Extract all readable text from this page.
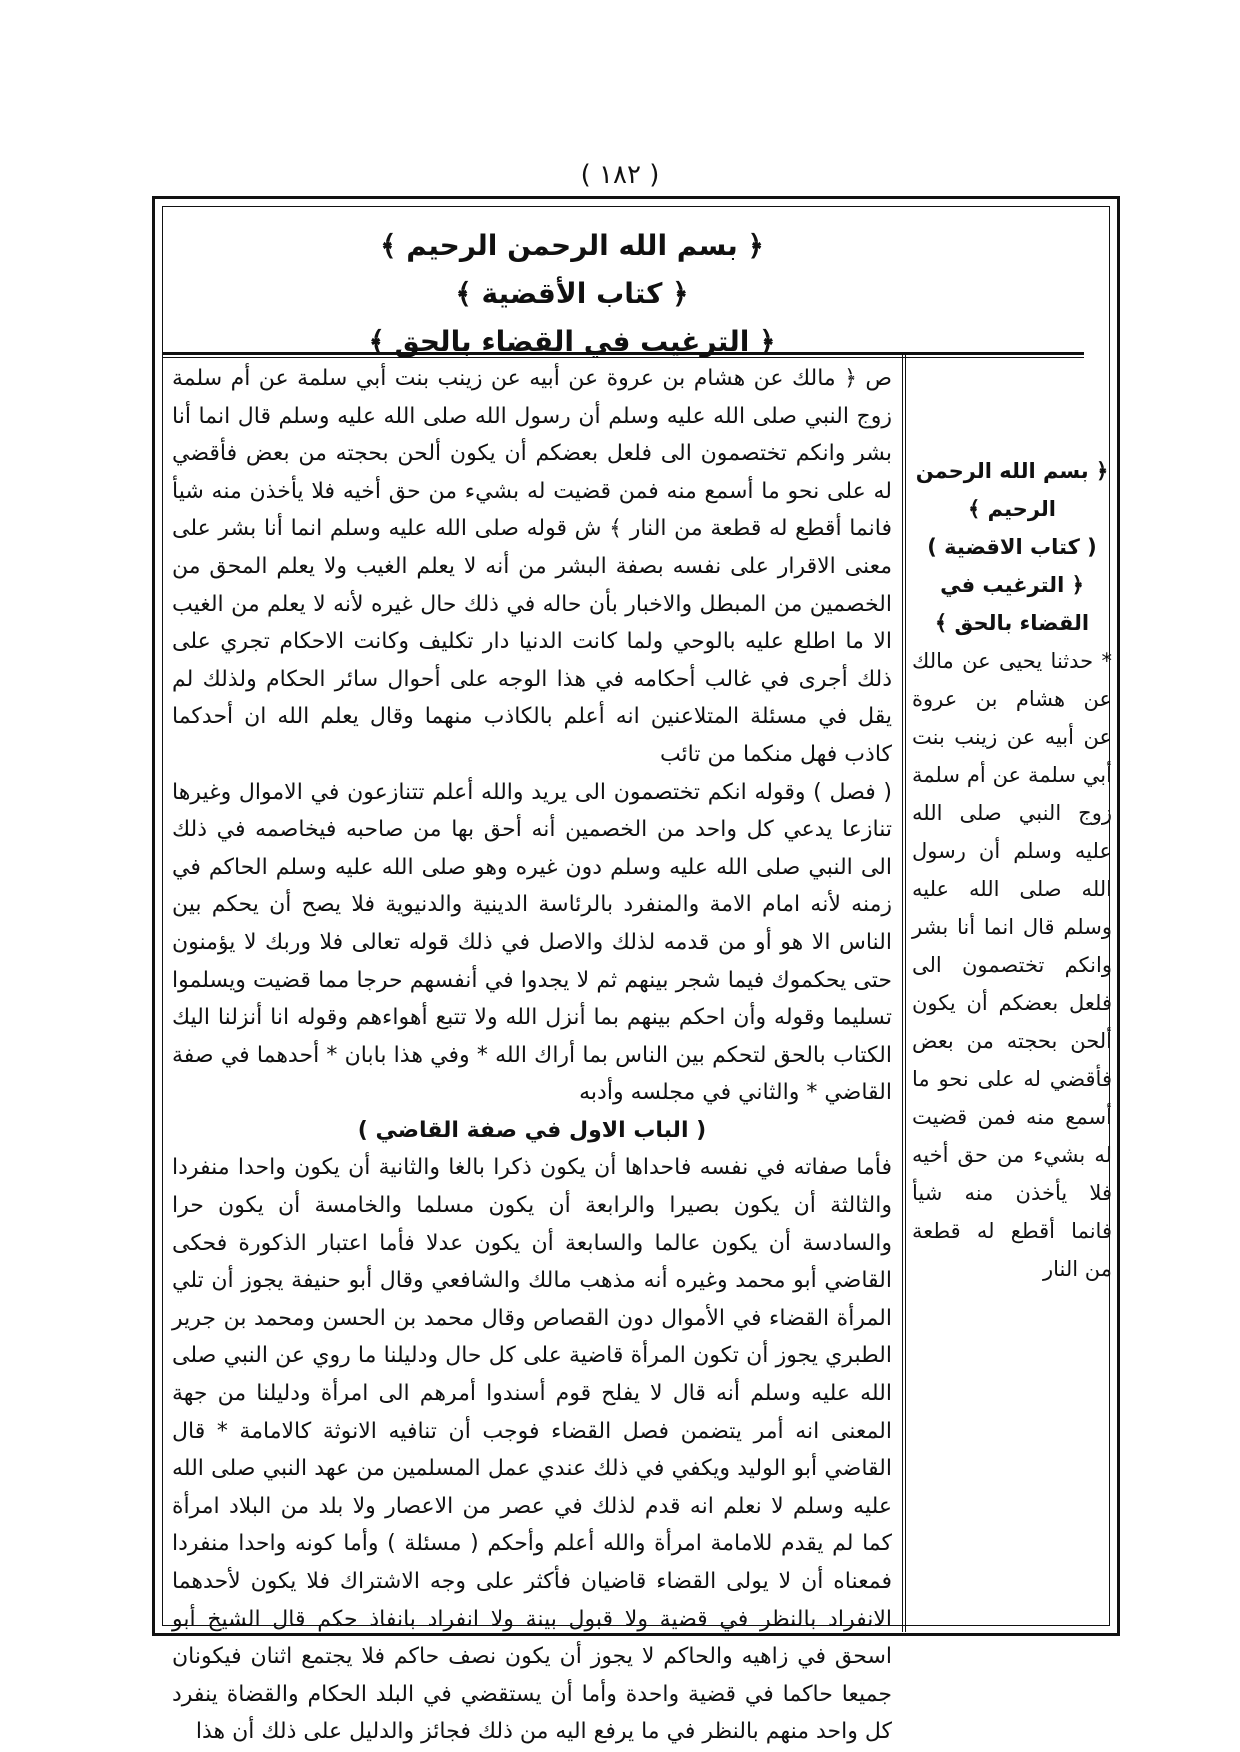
( ١٨٢ )
﴿ بسم الله الرحمن الرحيم ﴾
﴿ كتاب الأقضية ﴾
﴿ الترغيب في القضاء بالحق ﴾

ص ﴿ مالك عن هشام بن عروة عن أبيه عن زينب بنت أبي سلمة عن أم سلمة زوج النبي صلى الله عليه وسلم أن رسول الله صلى الله عليه وسلم قال انما أنا بشر وانكم تختصمون الى فلعل بعضكم أن يكون ألحن بحجته من بعض فأقضي له على نحو ما أسمع منه فمن قضيت له بشيء من حق أخيه فلا يأخذن منه شيأ فانما أقطع له قطعة من النار ﴾ ش قوله صلى الله عليه وسلم انما أنا بشر على معنى الاقرار على نفسه بصفة البشر من أنه لا يعلم الغيب ولا يعلم المحق من الخصمين من المبطل والاخبار بأن حاله في ذلك حال غيره لأنه لا يعلم من الغيب الا ما اطلع عليه بالوحي ولما كانت الدنيا دار تكليف وكانت الاحكام تجري على ذلك أجرى في غالب أحكامه في هذا الوجه على أحوال سائر الحكام ولذلك لم يقل في مسئلة المتلاعنين انه أعلم بالكاذب منهما وقال يعلم الله ان أحدكما كاذب فهل منكما من تائب

( فصل ) وقوله انكم تختصمون الى يريد والله أعلم تتنازعون في الاموال وغيرها تنازعا يدعي كل واحد من الخصمين أنه أحق بها من صاحبه فيخاصمه في ذلك الى النبي صلى الله عليه وسلم دون غيره وهو صلى الله عليه وسلم الحاكم في زمنه لأنه امام الامة والمنفرد بالرئاسة الدينية والدنيوية فلا يصح أن يحكم بين الناس الا هو أو من قدمه لذلك والاصل في ذلك قوله تعالى فلا وربك لا يؤمنون حتى يحكموك فيما شجر بينهم ثم لا يجدوا في أنفسهم حرجا مما قضيت ويسلموا تسليما وقوله وأن احكم بينهم بما أنزل الله ولا تتبع أهواءهم وقوله انا أنزلنا اليك الكتاب بالحق لتحكم بين الناس بما أراك الله * وفي هذا بابان * أحدهما في صفة القاضي * والثاني في مجلسه وأدبه

( الباب الاول في صفة القاضي )

فأما صفاته في نفسه فاحداها أن يكون ذكرا بالغا والثانية أن يكون واحدا منفردا والثالثة أن يكون بصيرا والرابعة أن يكون مسلما والخامسة أن يكون حرا والسادسة أن يكون عالما والسابعة أن يكون عدلا فأما اعتبار الذكورة فحكى القاضي أبو محمد وغيره أنه مذهب مالك والشافعي وقال أبو حنيفة يجوز أن تلي المرأة القضاء في الأموال دون القصاص وقال محمد بن الحسن ومحمد بن جرير الطبري يجوز أن تكون المرأة قاضية على كل حال ودليلنا ما روي عن النبي صلى الله عليه وسلم أنه قال لا يفلح قوم أسندوا أمرهم الى امرأة ودليلنا من جهة المعنى انه أمر يتضمن فصل القضاء فوجب أن تنافيه الانوثة كالامامة * قال القاضي أبو الوليد ويكفي في ذلك عندي عمل المسلمين من عهد النبي صلى الله عليه وسلم لا نعلم انه قدم لذلك في عصر من الاعصار ولا بلد من البلاد امرأة كما لم يقدم للامامة امرأة والله أعلم وأحكم ( مسئلة ) وأما كونه واحدا منفردا فمعناه أن لا يولى القضاء قاضيان فأكثر على وجه الاشتراك فلا يكون لأحدهما الانفراد بالنظر في قضية ولا قبول بينة ولا انفراد بانفاذ حكم قال الشيخ أبو اسحق في زاهيه والحاكم لا يجوز أن يكون نصف حاكم فلا يجتمع اثنان فيكونان جميعا حاكما في قضية واحدة وأما أن يستقضي في البلد الحكام والقضاة ينفرد كل واحد منهم بالنظر في ما يرفع اليه من ذلك فجائز والدليل على ذلك أن هذا

﴿ بسم الله الرحمن الرحيم ﴾

( كتاب الاقضية )

﴿ الترغيب في القضاء بالحق ﴾

* حدثنا يحيى عن مالك عن هشام بن عروة عن أبيه عن زينب بنت أبي سلمة عن أم سلمة زوج النبي صلى الله عليه وسلم أن رسول الله صلى الله عليه وسلم قال انما أنا بشر وانكم تختصمون الى فلعل بعضكم أن يكون ألحن بحجته من بعض فأقضي له على نحو ما أسمع منه فمن قضيت له بشيء من حق أخيه فلا يأخذن منه شيأ فانما أقطع له قطعة من النار
